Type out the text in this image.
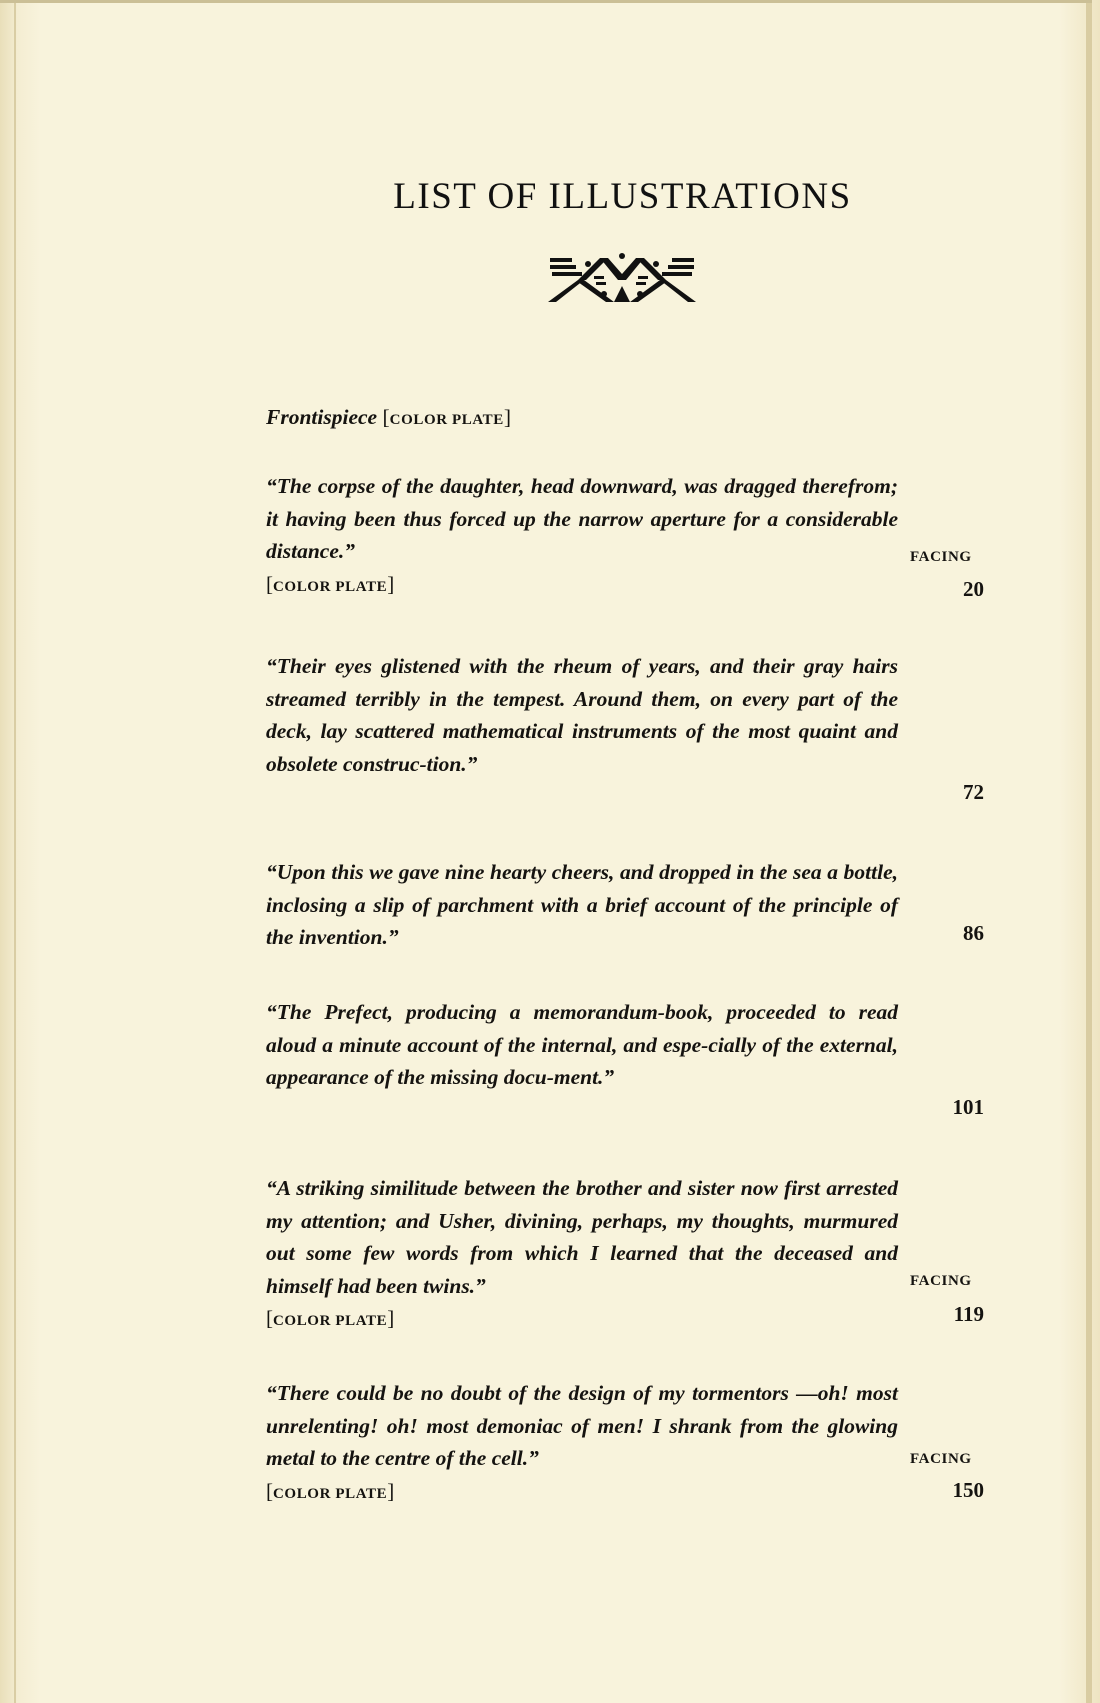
LIST OF ILLUSTRATIONS
Frontispiece [COLOR PLATE]

“The corpse of the daughter, head downward, was dragged therefrom; it having been thus forced up the narrow aperture for a considerable distance.”

[COLOR PLATE]

FACING
20

“Their eyes glistened with the rheum of years, and their gray hairs streamed terribly in the tempest. Around them, on every part of the deck, lay scattered mathematical instruments of the most quaint and obsolete construc-tion.”

72

“Upon this we gave nine hearty cheers, and dropped in the sea a bottle, inclosing a slip of parchment with a brief account of the principle of the invention.”	86

“The Prefect, producing a memorandum-book, proceeded to read aloud a minute account of the internal, and espe-cially of the external, appearance of the missing docu-ment.”

101

“A striking similitude between the brother and sister now first arrested my attention; and Usher, divining, perhaps, my thoughts, murmured out some few words from which I learned that the deceased and himself had been twins.”

[COLOR PLATE]

FACING
119

“There could be no doubt of the design of my tormentors —oh! most unrelenting! oh! most demoniac of men! I shrank from the glowing metal to the centre of the cell.”

[COLOR PLATE]

FACING
150
